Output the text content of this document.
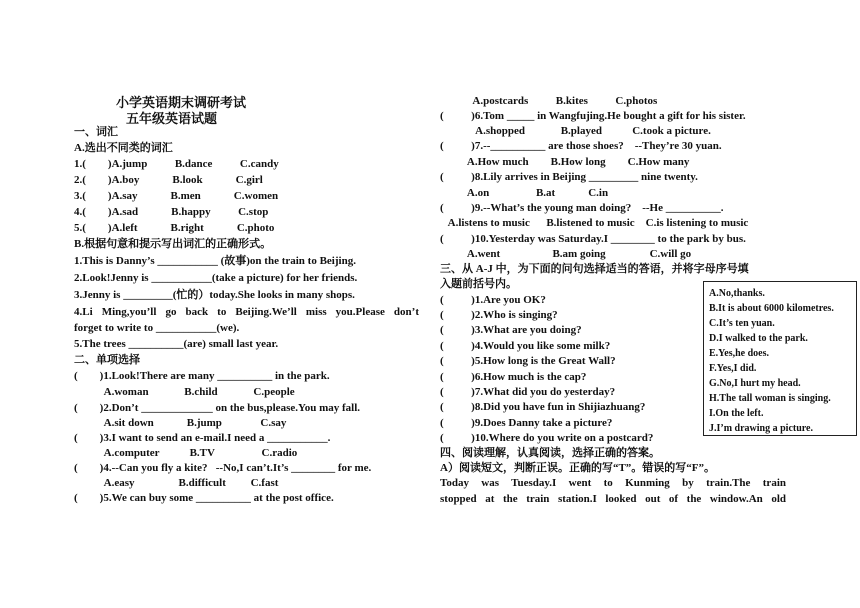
小学英语期末调研考试
五年级英语试题
一、词汇
A.选出不同类的词汇
1.(        )A.jump          B.dance          C.candy
2.(        )A.boy            B.look            C.girl
3.(        )A.say            B.men            C.women
4.(        )A.sad            B.happy          C.stop
5.(        )A.left            B.right            C.photo
B.根据句意和提示写出词汇的正确形式。
1.This is Danny’s ___________ (故事)on the train to Beijing.
2.Look!Jenny is ___________(take a picture) for her friends.
3.Jenny is _________(忙的）today.She looks in many shops.
4.Li Ming,you’ll go back to Beijing.We’ll miss you.Please don’t
forget to write to ___________(we).
5.The trees __________(are) small last year.
二、单项选择
(        )1.Look!There are many __________ in the park.
A.woman             B.child             C.people
(        )2.Don’t _____________ on the bus,please.You may fall.
A.sit down            B.jump              C.say
(        )3.I want to send an e-mail.I need a ___________.
A.computer           B.TV                 C.radio
(        )4.--Can you fly a kite?   --No,I can’t.It’s ________ for me.
A.easy                B.difficult         C.fast
(        )5.We can buy some __________ at the post office.
A.postcards          B.kites          C.photos
(          )6.Tom _____ in Wangfujing.He bought a gift for his sister.
A.shopped             B.played           C.took a picture.
(          )7.--__________ are those shoes?    --They’re 30 yuan.
A.How much        B.How long        C.How many
(          )8.Lily arrives in Beijing _________ nine twenty.
A.on                 B.at            C.in
(          )9.--What’s the young man doing?    --He __________.
A.listens to music      B.listened to music    C.is listening to music
(          )10.Yesterday was Saturday.I ________ to the park by bus.
A.went                   B.am going                C.will go
三、从 A-J 中，为下面的问句选择适当的答语，并将字母序号填
入题前括号内。
(          )1.Are you OK?
(          )2.Who is singing?
(          )3.What are you doing?
(          )4.Would you like some milk?
(          )5.How long is the Great Wall?
(          )6.How much is the cap?
(          )7.What did you do yesterday?
(          )8.Did you have fun in Shijiazhuang?
(          )9.Does Danny take a picture?
(          )10.Where do you write on a postcard?
四、阅读理解，认真阅读，选择正确的答案。
A）阅读短文，判断正误。正确的写“T”。错误的写“F”。
Today was Tuesday.I went to Kunming by train.The train
stopped at the train station.I looked out of the window.An old
A.No,thanks.
B.It is about 6000 kilometres.
C.It’s ten yuan.
D.I walked to the park.
E.Yes,he does.
F.Yes,I did.
G.No,I hurt my head.
H.The tall woman is singing.
I.On the left.
J.I’m drawing a picture.
